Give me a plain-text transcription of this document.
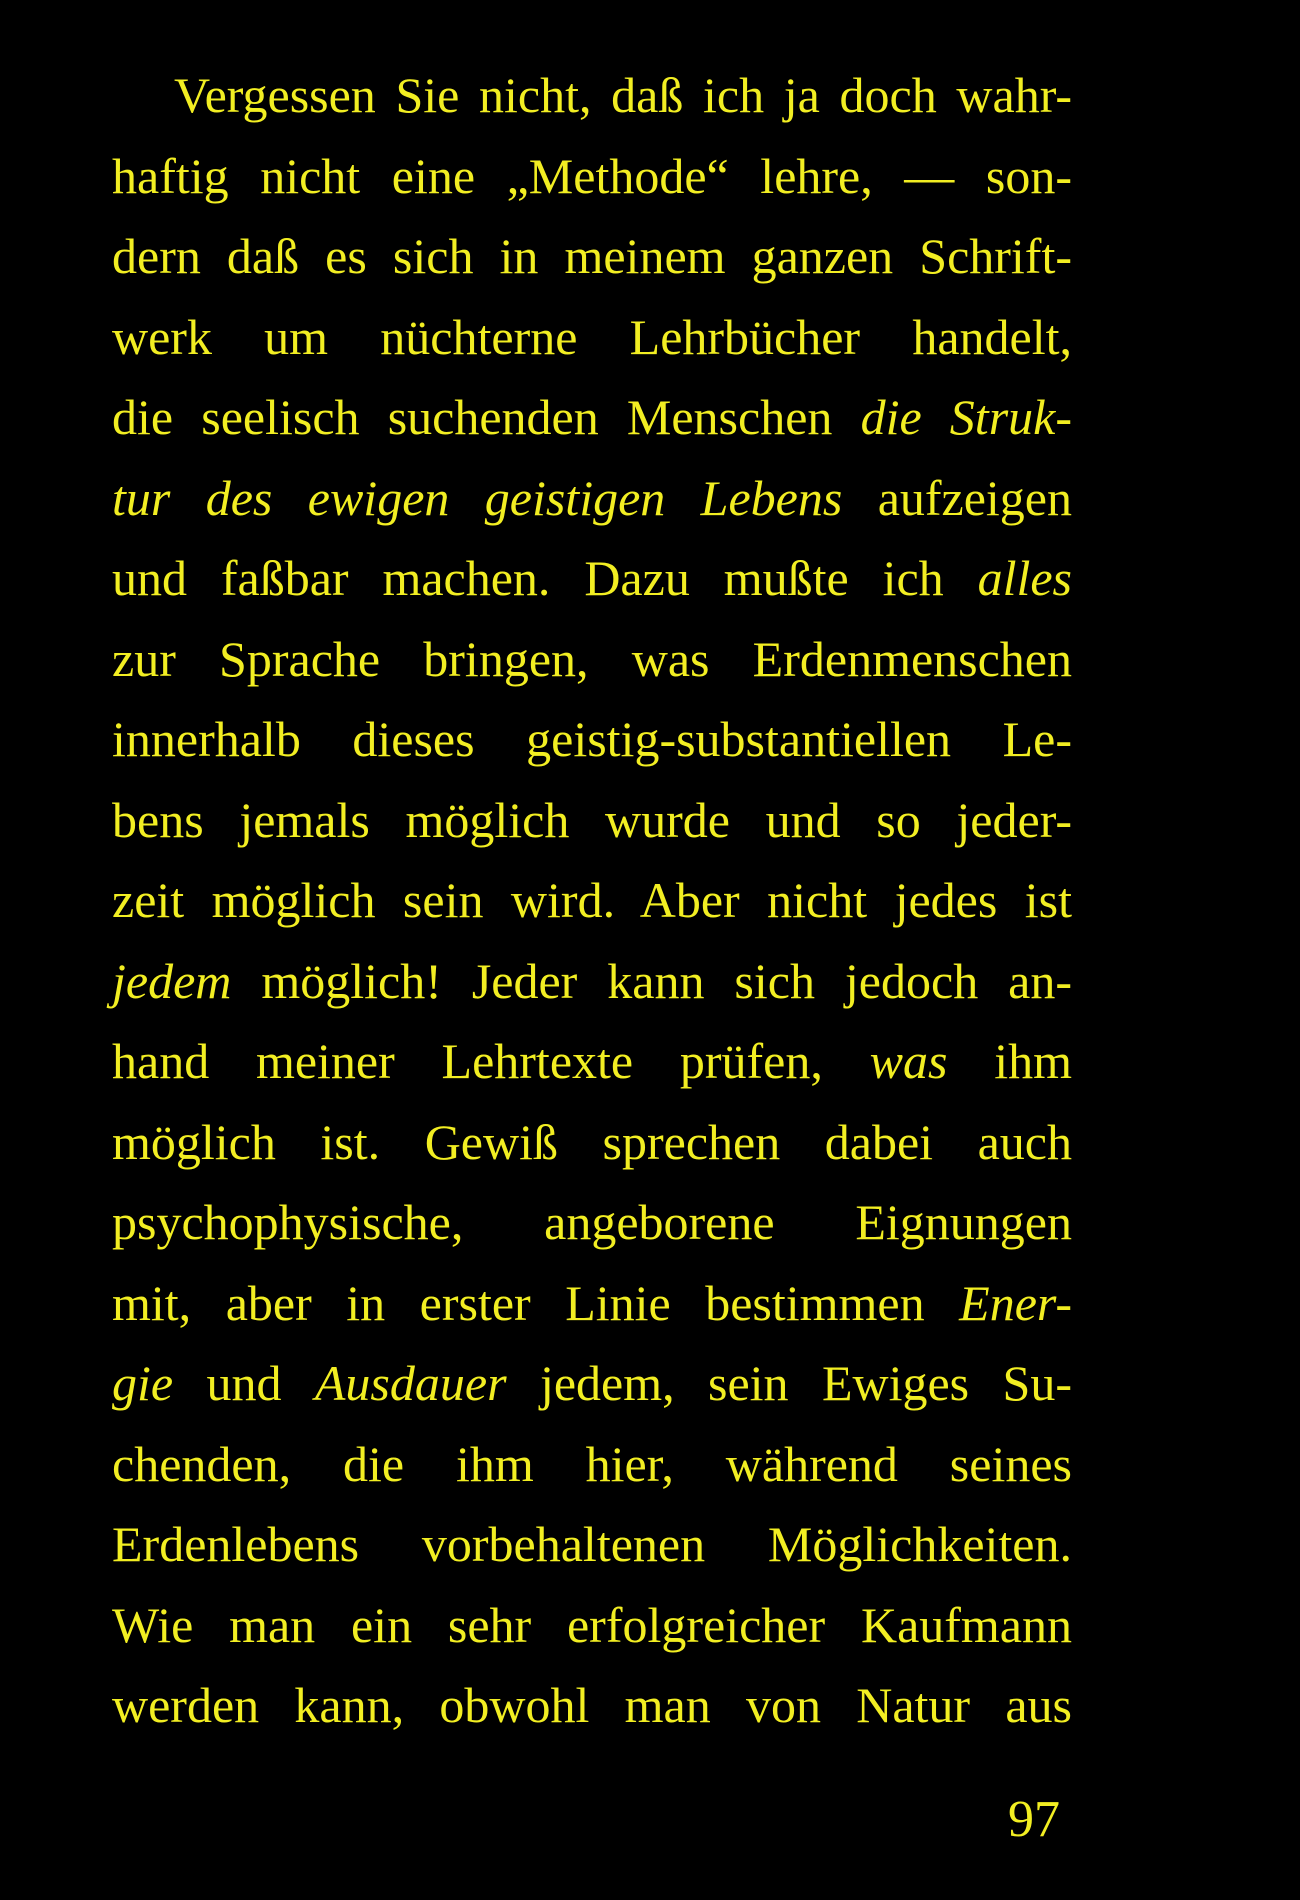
Vergessen Sie nicht, daß ich ja doch wahr-
haftig nicht eine „Methode“ lehre, — son-
dern daß es sich in meinem ganzen Schrift-
werk um nüchterne Lehrbücher handelt,
die seelisch suchenden Menschen die Struk-
tur des ewigen geistigen Lebens aufzeigen
und faßbar machen. Dazu mußte ich alles
zur Sprache bringen, was Erdenmenschen
innerhalb dieses geistig-substantiellen Le-
bens jemals möglich wurde und so jeder-
zeit möglich sein wird. Aber nicht jedes ist
jedem möglich! Jeder kann sich jedoch an-
hand meiner Lehrtexte prüfen, was ihm
möglich ist. Gewiß sprechen dabei auch
psychophysische, angeborene Eignungen
mit, aber in erster Linie bestimmen Ener-
gie und Ausdauer jedem, sein Ewiges Su-
chenden, die ihm hier, während seines
Erdenlebens vorbehaltenen Möglichkeiten.
Wie man ein sehr erfolgreicher Kaufmann
werden kann, obwohl man von Natur aus
97
